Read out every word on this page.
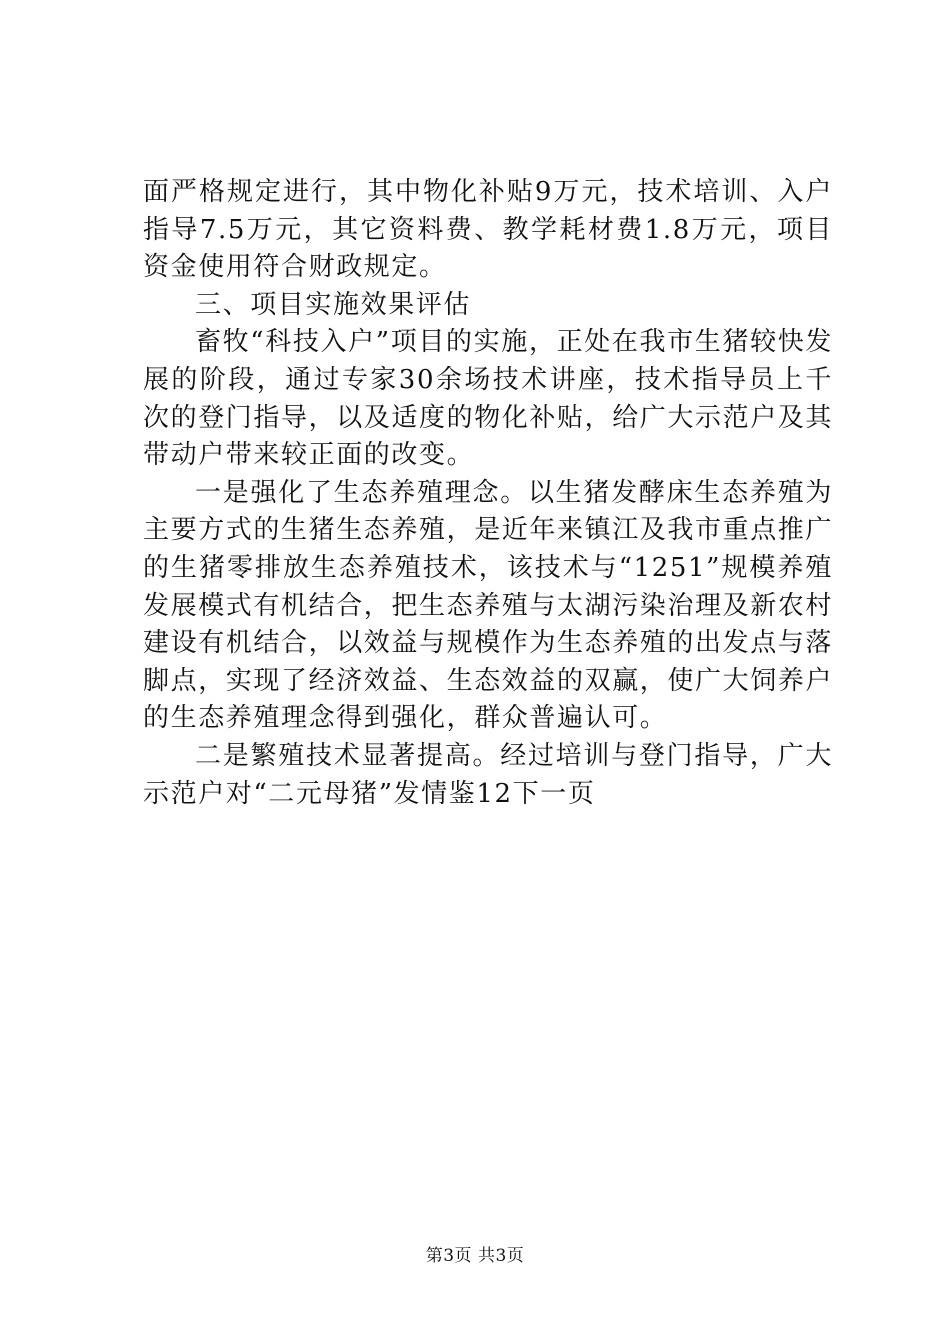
面严格规定进行，其中物化补贴9万元，技术培训、入户指导7.5万元，其它资料费、教学耗材费1.8万元，项目资金使用符合财政规定。

三、项目实施效果评估

畜牧“科技入户”项目的实施，正处在我市生猪较快发展的阶段，通过专家30余场技术讲座，技术指导员上千次的登门指导，以及适度的物化补贴，给广大示范户及其带动户带来较正面的改变。

一是强化了生态养殖理念。以生猪发酵床生态养殖为主要方式的生猪生态养殖，是近年来镇江及我市重点推广的生猪零排放生态养殖技术，该技术与“1251”规模养殖发展模式有机结合，把生态养殖与太湖污染治理及新农村建设有机结合，以效益与规模作为生态养殖的出发点与落脚点，实现了经济效益、生态效益的双赢，使广大饲养户的生态养殖理念得到强化，群众普遍认可。

二是繁殖技术显著提高。经过培训与登门指导，广大示范户对“二元母猪”发情鉴12下一页

第3页 共3页
